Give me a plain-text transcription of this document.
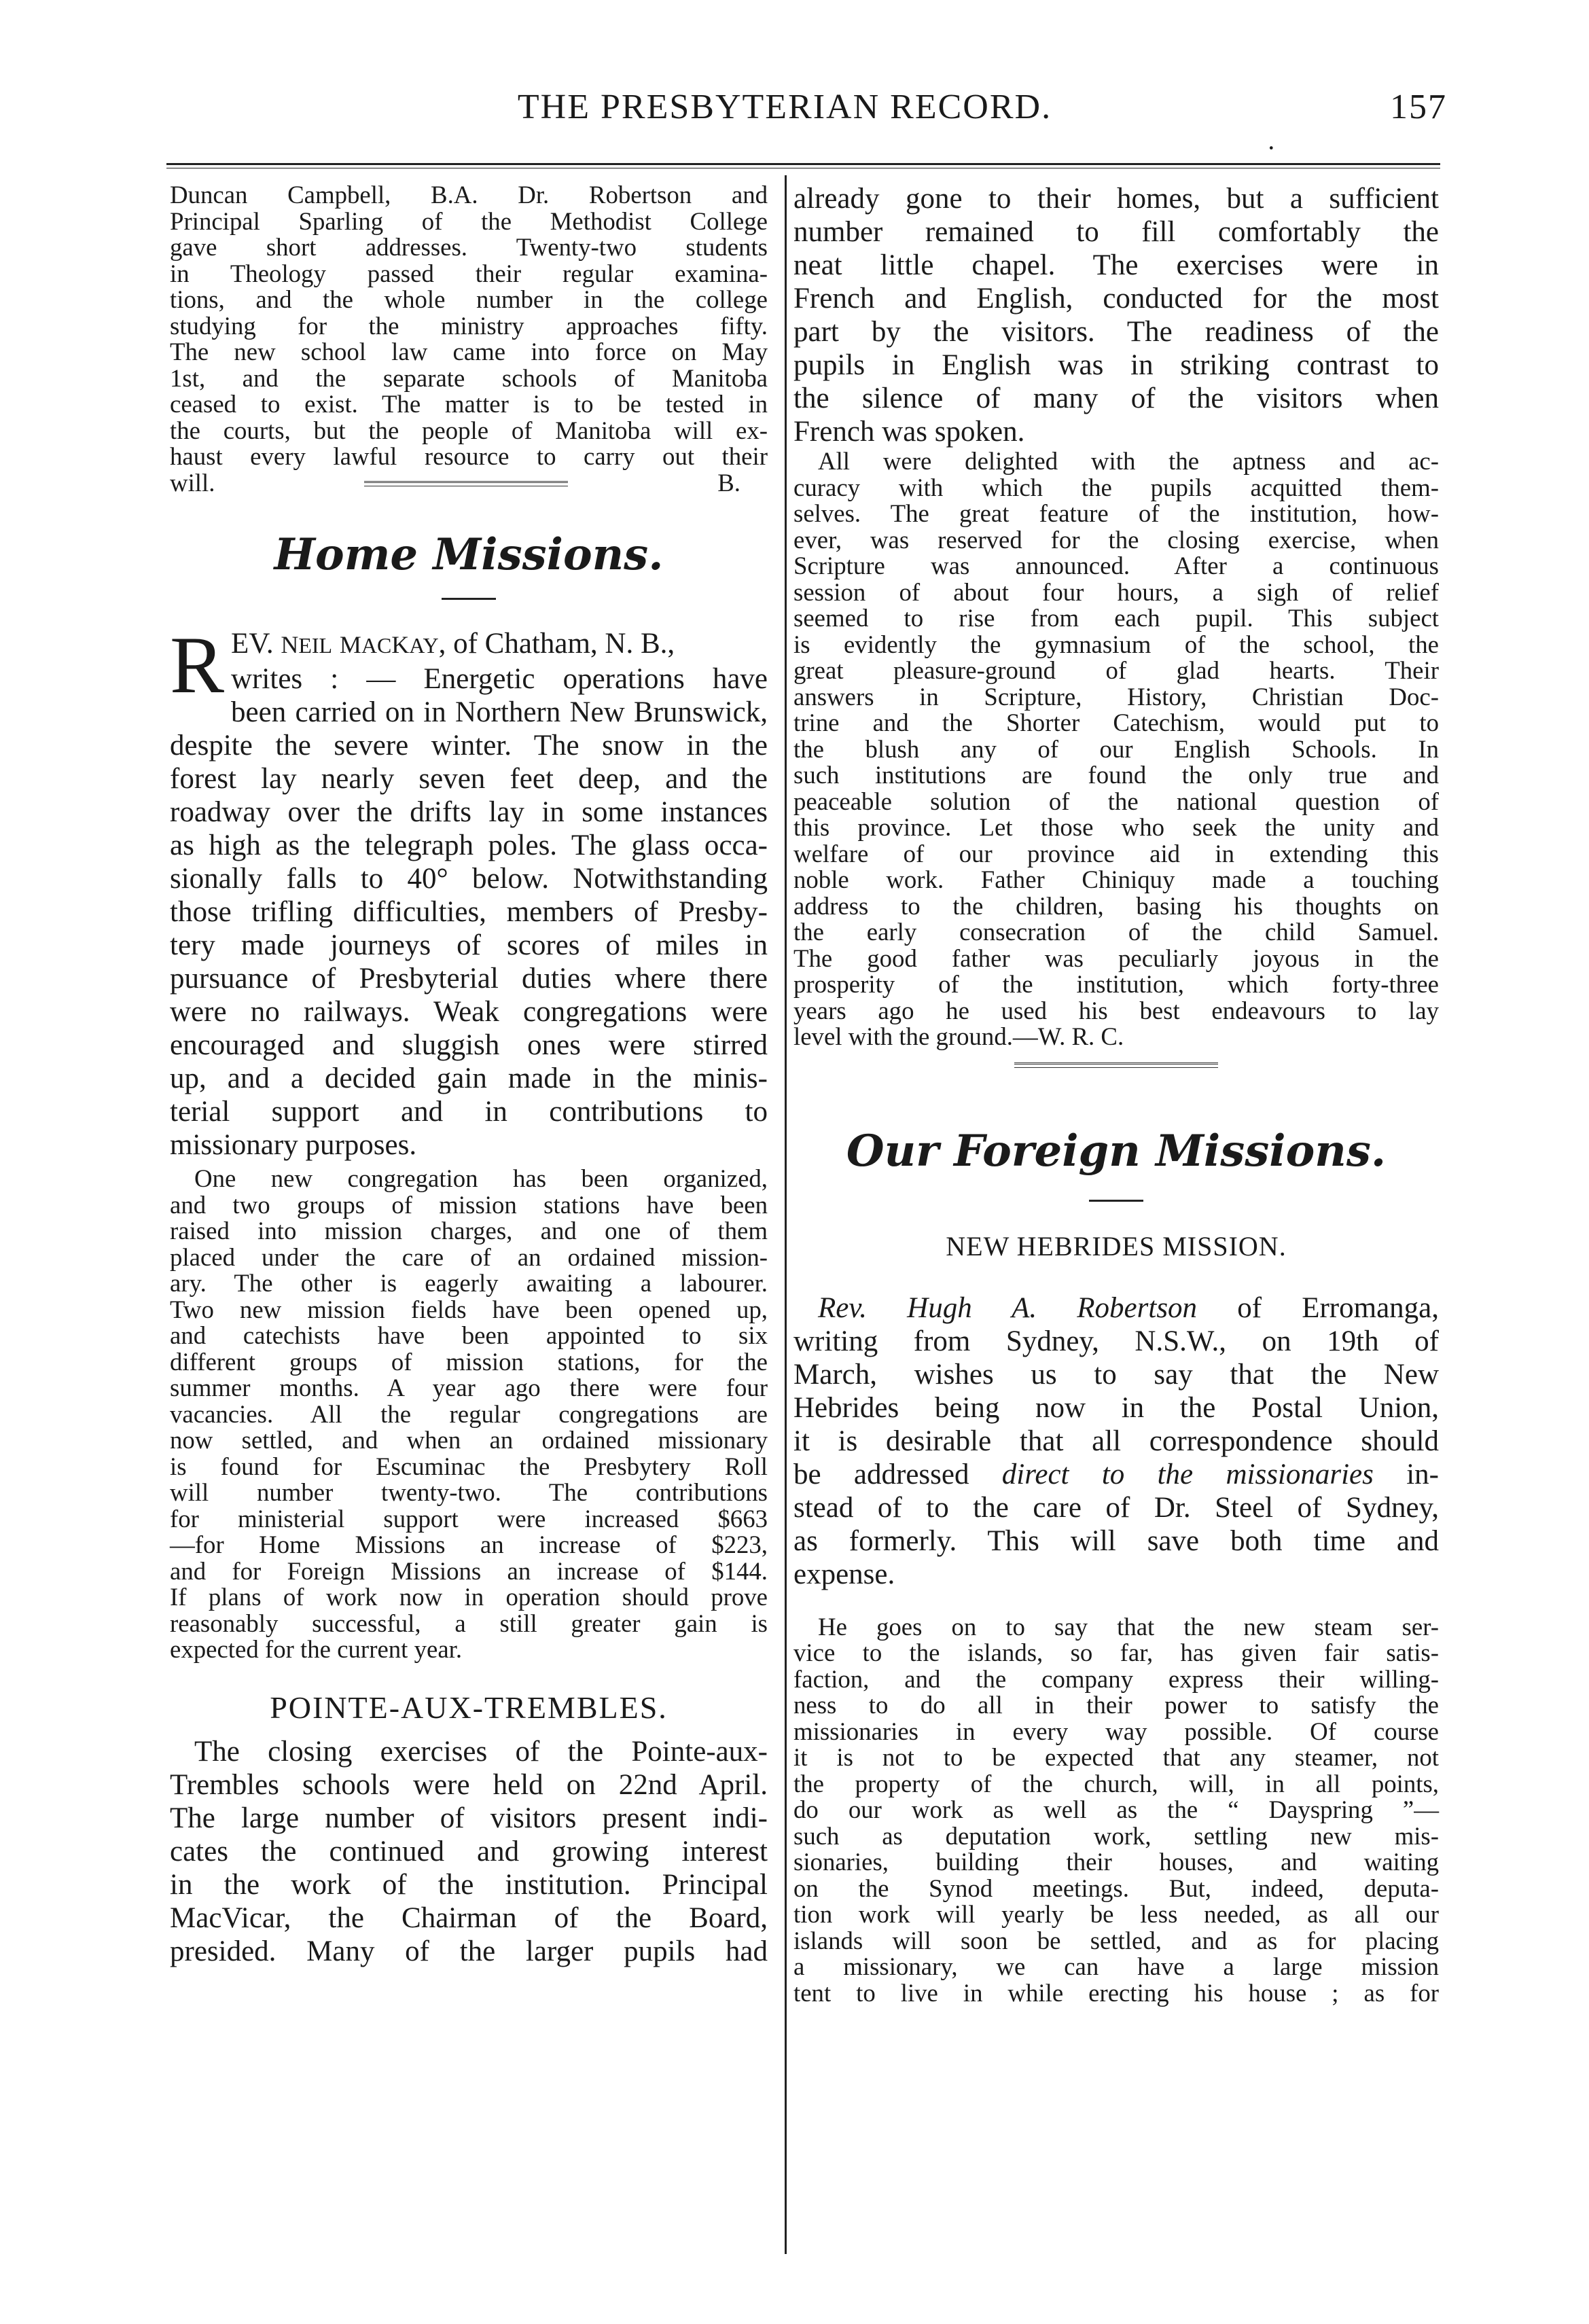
THE PRESBYTERIAN RECORD.	157
·

Duncan Campbell, B.A. Dr. Robertson and

Principal Sparling of the Methodist College

gave short addresses. Twenty-two students

in Theology passed their regular examina-

tions, and the whole number in the college

studying for the ministry approaches fifty.

The new school law came into force on May

1st, and the separate schools of Manitoba

ceased to exist. The matter is to be tested in

the courts, but the people of Manitoba will ex-

haust every lawful resource to carry out their

will.	B.
Home Missions.
R EV. NEIL MACKAY, of Chatham, N. B.,

writes : — Energetic operations have

been carried on in Northern New Brunswick,

despite the severe winter. The snow in the

forest lay nearly seven feet deep, and the

roadway over the drifts lay in some instances

as high as the telegraph poles. The glass occa-

sionally falls to 40° below. Notwithstanding

those trifling difficulties, members of Presby-

tery made journeys of scores of miles in

pursuance of Presbyterial duties where there

were no railways. Weak congregations were

encouraged and sluggish ones were stirred

up, and a decided gain made in the minis-

terial support and in contributions to

missionary purposes.

One new congregation has been organized,

and two groups of mission stations have been

raised into mission charges, and one of them

placed under the care of an ordained mission-

ary. The other is eagerly awaiting a labourer.

Two new mission fields have been opened up,

and catechists have been appointed to six

different groups of mission stations, for the

summer months. A year ago there were four

vacancies. All the regular congregations are

now settled, and when an ordained missionary

is found for Escuminac the Presbytery Roll

will number twenty-two. The contributions

for ministerial support were increased $663

—for Home Missions an increase of $223,

and for Foreign Missions an increase of $144.

If plans of work now in operation should prove

reasonably successful, a still greater gain is

expected for the current year.

POINTE-AUX-TREMBLES.

The closing exercises of the Pointe-aux-

Trembles schools were held on 22nd April.

The large number of visitors present indi-

cates the continued and growing interest

in the work of the institution. Principal

MacVicar, the Chairman of the Board,

presided. Many of the larger pupils had

already gone to their homes, but a sufficient

number remained to fill comfortably the

neat little chapel. The exercises were in

French and English, conducted for the most

part by the visitors. The readiness of the

pupils in English was in striking contrast to

the silence of many of the visitors when

French was spoken.

All were delighted with the aptness and ac-

curacy with which the pupils acquitted them-

selves. The great feature of the institution, how-

ever, was reserved for the closing exercise, when

Scripture was announced. After a continuous

session of about four hours, a sigh of relief

seemed to rise from each pupil. This subject

is evidently the gymnasium of the school, the

great pleasure-ground of glad hearts. Their

answers in Scripture, History, Christian Doc-

trine and the Shorter Catechism, would put to

the blush any of our English Schools. In

such institutions are found the only true and

peaceable solution of the national question of

this province. Let those who seek the unity and

welfare of our province aid in extending this

noble work. Father Chiniquy made a touching

address to the children, basing his thoughts on

the early consecration of the child Samuel.

The good father was peculiarly joyous in the

prosperity of the institution, which forty-three

years ago he used his best endeavours to lay

level with the ground.—W. R. C.

Our Foreign Missions.
NEW HEBRIDES MISSION.

Rev. Hugh A. Robertson of Erromanga,

writing from Sydney, N.S.W., on 19th of

March, wishes us to say that the New

Hebrides being now in the Postal Union,

it is desirable that all correspondence should

be addressed direct to the missionaries in-

stead of to the care of Dr. Steel of Sydney,

as formerly. This will save both time and

expense.

He goes on to say that the new steam ser-

vice to the islands, so far, has given fair satis-

faction, and the company express their willing-

ness to do all in their power to satisfy the

missionaries in every way possible. Of course

it is not to be expected that any steamer, not

the property of the church, will, in all points,

do our work as well as the “ Dayspring ”—

such as deputation work, settling new mis-

sionaries, building their houses, and waiting

on the Synod meetings. But, indeed, deputa-

tion work will yearly be less needed, as all our

islands will soon be settled, and as for placing

a missionary, we can have a large mission

tent to live in while erecting his house ; as for
